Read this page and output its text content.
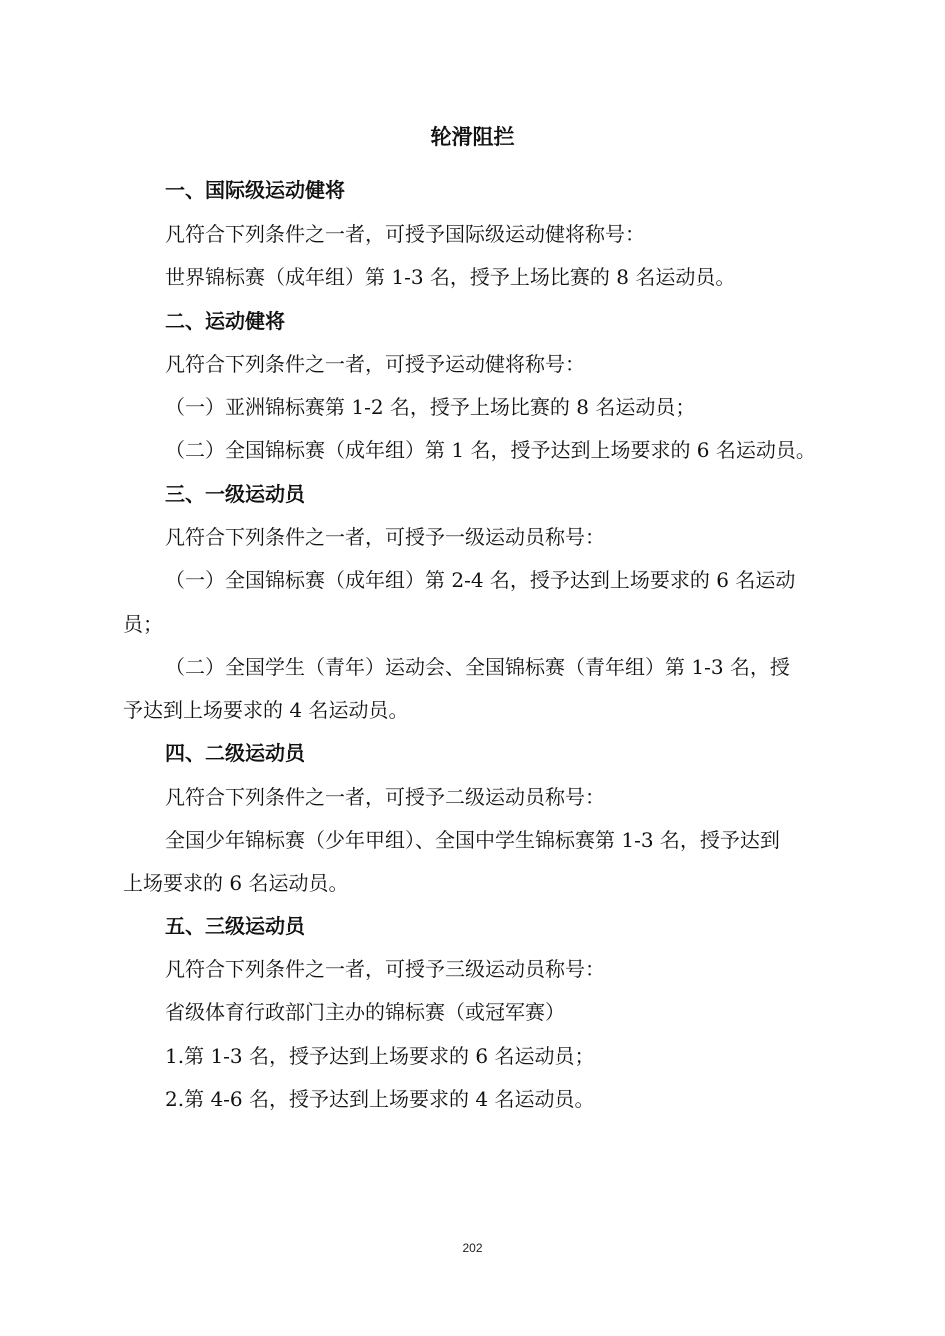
轮滑阻拦
一、国际级运动健将
凡符合下列条件之一者，可授予国际级运动健将称号：
世界锦标赛（成年组）第 1-3 名，授予上场比赛的 8 名运动员。
二、运动健将
凡符合下列条件之一者，可授予运动健将称号：
（一）亚洲锦标赛第 1-2 名，授予上场比赛的 8 名运动员；
（二）全国锦标赛（成年组）第 1 名，授予达到上场要求的 6 名运动员。
三、一级运动员
凡符合下列条件之一者，可授予一级运动员称号：
（一）全国锦标赛（成年组）第 2-4 名，授予达到上场要求的 6 名运动
员；
（二）全国学生（青年）运动会、全国锦标赛（青年组）第 1-3 名，授
予达到上场要求的 4 名运动员。
四、二级运动员
凡符合下列条件之一者，可授予二级运动员称号：
全国少年锦标赛（少年甲组）、全国中学生锦标赛第 1-3 名，授予达到
上场要求的 6 名运动员。
五、三级运动员
凡符合下列条件之一者，可授予三级运动员称号：
省级体育行政部门主办的锦标赛（或冠军赛）
1.第 1-3 名，授予达到上场要求的 6 名运动员；
2.第 4-6 名，授予达到上场要求的 4 名运动员。
202
